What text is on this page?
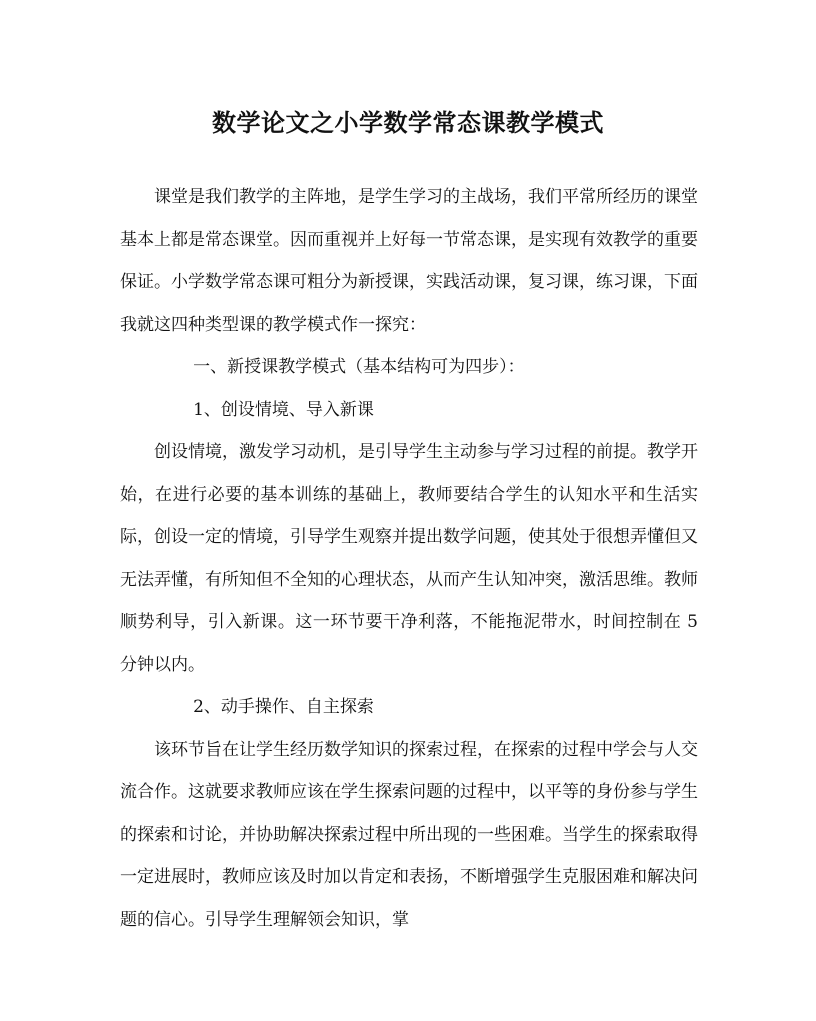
数学论文之小学数学常态课教学模式

课堂是我们教学的主阵地，是学生学习的主战场，我们平常所经历的课堂基本上都是常态课堂。因而重视并上好每一节常态课，是实现有效教学的重要保证。小学数学常态课可粗分为新授课，实践活动课，复习课，练习课，下面我就这四种类型课的教学模式作一探究：

一、新授课教学模式（基本结构可为四步）：

1、创设情境、导入新课

创设情境，激发学习动机，是引导学生主动参与学习过程的前提。教学开始，在进行必要的基本训练的基础上，教师要结合学生的认知水平和生活实际，创设一定的情境，引导学生观察并提出数学问题，使其处于很想弄懂但又无法弄懂，有所知但不全知的心理状态，从而产生认知冲突，激活思维。教师顺势利导，引入新课。这一环节要干净利落，不能拖泥带水，时间控制在 5 分钟以内。

2、动手操作、自主探索

该环节旨在让学生经历数学知识的探索过程，在探索的过程中学会与人交流合作。这就要求教师应该在学生探索问题的过程中，以平等的身份参与学生的探索和讨论，并协助解决探索过程中所出现的一些困难。当学生的探索取得一定进展时，教师应该及时加以肯定和表扬，不断增强学生克服困难和解决问题的信心。引导学生理解领会知识，掌
